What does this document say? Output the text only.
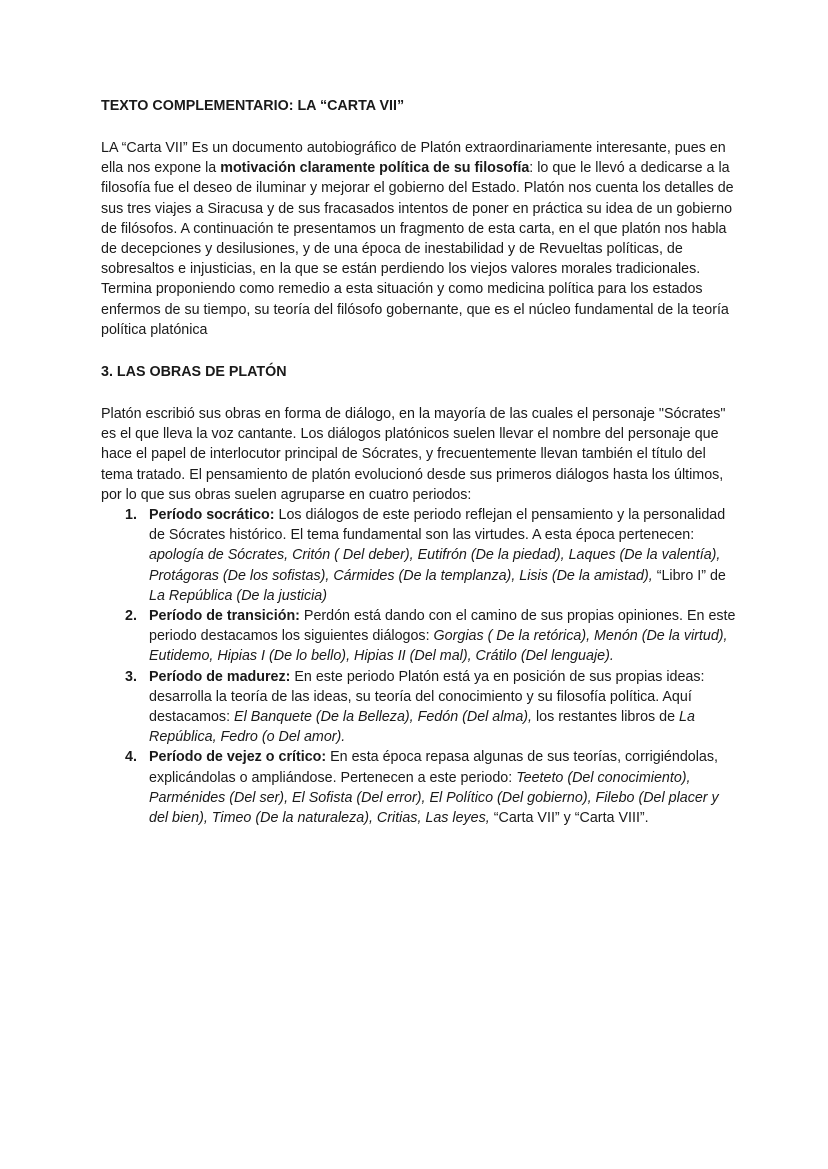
TEXTO COMPLEMENTARIO: LA “CARTA VII”

LA “Carta VII” Es un documento autobiográfico de Platón extraordinariamente interesante, pues en ella nos expone la motivación claramente política de su filosofía: lo que le llevó a dedicarse a la filosofía fue el deseo de iluminar y mejorar el gobierno del Estado. Platón nos cuenta los detalles de sus tres viajes a Siracusa y de sus fracasados intentos de poner en práctica su idea de un gobierno de filósofos. A continuación te presentamos un fragmento de esta carta, en el que platón nos habla de decepciones y desilusiones, y de una época de inestabilidad y de Revueltas políticas, de sobresaltos e injusticias, en la que se están perdiendo los viejos valores morales tradicionales. Termina proponiendo como remedio a esta situación y como medicina política para los estados enfermos de su tiempo, su teoría del filósofo gobernante, que es el núcleo fundamental de la teoría política platónica

3. LAS OBRAS DE PLATÓN

Platón escribió sus obras en forma de diálogo, en la mayoría de las cuales el personaje "Sócrates" es el que lleva la voz cantante. Los diálogos platónicos suelen llevar el nombre del personaje que hace el papel de interlocutor principal de Sócrates, y frecuentemente llevan también el título del tema tratado. El pensamiento de platón evolucionó desde sus primeros diálogos hasta los últimos, por lo que sus obras suelen agruparse en cuatro periodos:

1. Período socrático: Los diálogos de este periodo reflejan el pensamiento y la personalidad de Sócrates histórico. El tema fundamental son las virtudes. A esta época pertenecen: apología de Sócrates, Critón ( Del deber), Eutifrón (De la piedad), Laques (De la valentía), Protágoras (De los sofistas), Cármides (De la templanza), Lisis (De la amistad), “Libro I” de La República (De la justicia)
2. Período de transición: Perdón está dando con el camino de sus propias opiniones. En este periodo destacamos los siguientes diálogos: Gorgias ( De la retórica), Menón (De la virtud), Eutidemo, Hipias I (De lo bello), Hipias II (Del mal), Crátilo (Del lenguaje).
3. Período de madurez: En este periodo Platón está ya en posición de sus propias ideas: desarrolla la teoría de las ideas, su teoría del conocimiento y su filosofía política. Aquí destacamos: El Banquete (De la Belleza), Fedón (Del alma), los restantes libros de La República, Fedro (o Del amor).
4. Período de vejez o crítico: En esta época repasa algunas de sus teorías, corrigiéndolas, explicándolas o ampliándose. Pertenecen a este periodo: Teeteto (Del conocimiento), Parménides (Del ser), El Sofista (Del error), El Político (Del gobierno), Filebo (Del placer y del bien), Timeo (De la naturaleza), Critias, Las leyes, “Carta VII” y “Carta VIII”.
